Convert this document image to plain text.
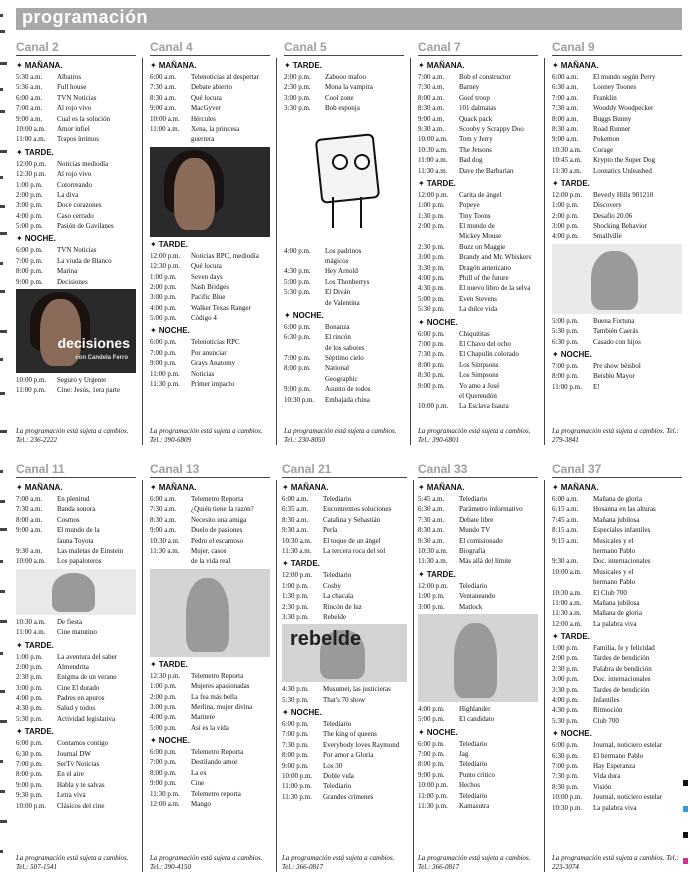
programación
Canal 2
✦ MAÑANA.
5:30 a.m.	Albatros
5:36 a.m.	Full house
6:00 a.m.	TVN Noticias
7:00 a.m.	Al rojo vivo
9:00 a.m.	Cual es la solución
10:00 a.m.	Amor infiel
11:00 a.m.	Trapos íntimos
✦ TARDE.
12:00 p.m.	Noticias mediodía
12:30 p.m.	Al rojo vivo
1:00 p.m.	Cotorreando
2:00 p.m.	La diva
3:00 p.m.	Doce corazones
4:00 p.m.	Caso cerrado
5:00 p.m.	Pasión de Gavilanes
✦ NOCHE.
6:00 p.m.	TVN Noticias
7:00 p.m.	La viuda de Blanco
8:00 p.m.	Marina
9:00 p.m.	Decisiones
decisiones
con Candela Ferro
10:00 p.m.	Seguro y Urgente
11:00 p.m.	Cine: Jesús, 1era parte
La programación está sujeta a cambios. Tel.: 236-2222
Canal 4
✦ MAÑANA.
6:00 a.m.	Telenoticias al despertar
7:30 a.m.	Debate abierto
8:30 a.m.	Qué locura
9:00 a.m.	MacGyver
10:00 a.m.	Hércules
11:00 a.m.	Xena, la princesa
guerrera
✦ TARDE.
12:00 p.m.	Noticias RPC, mediodía
12:30 p.m.	Qué locura
1:00 p.m.	Seven days
2:00 p.m.	Nash Bridges
3:00 p.m.	Pacific Blue
4:00 p.m.	Walker Texas Ranger
5:00 p.m.	Código 4
✦ NOCHE.
6:00 p.m.	Telenoticias RPC
7:00 p.m.	Por anunciar
9:00 p.m.	Grays Anatomy
11:00 p.m.	Noticias
11:30 p.m.	Primer impacto
La programación está sujeta a cambios. Tel.: 390-6809
Canal 5
✦ TARDE.
2:00 p.m.	Zabooo mafoo
2:30 p.m.	Mona la vampira
3:00 p.m.	Cool zone
3:30 p.m.	Bob esponja
4:00 p.m.	Los padrinos
mágicos
4:30 p.m.	Hey Arnold
5:00 p.m.	Los Thonberrys
5:30 p.m.	El Diván
de Valentina
✦ NOCHE.
6:00 p.m.	Bonanza
6:30 p.m.	El rincón
de los sabores
7:00 p.m.	Séptimo cielo
8:00 p.m.	National
Geographic
9:00 p.m.	Asunto de todos
10:30 p.m.	Embajada china
La programación está sujeta a cambios. Tel.: 230-8050
Canal 7
✦ MAÑANA.
7:00 a.m.	Bob el constructor
7:30 a.m.	Barney
8:00 a.m.	Goof troop
8:30 a.m.	101 dalmatas
9:00 a.m.	Quack pack
9:30 a.m.	Scooby y Scrappy Doo
10:00 a.m.	Tom y Jerry
10:30 a.m.	The Jetsons
11:00 a.m.	Bad dog
11:30 a.m.	Dave the Barbarian
✦ TARDE.
12:00 p.m.	Carita de ángel
1:00 p.m.	Popeye
1:30 p.m.	Tiny Toons
2:00 p.m.	El mundo de
Mickey Mouse
2:30 p.m.	Buzz on Maggie
3:00 p.m.	Brandy and Mr. Whiskers
3:30 p.m.	Dragón americano
4:00 p.m.	Phill of the future
4:30 p.m.	El nuevo libro de la selva
5:00 p.m.	Even Stevens
5:30 p.m.	La dulce vida
✦ NOCHE.
6:00 p.m.	Chiquititas
7:00 p.m.	El Chavo del ocho
7:30 p.m.	El Chapulín colorado
8:00 p.m.	Los Simpsons
8:30 p.m.	Los Simpsons
9:00 p.m.	Yo amo a José
el Querendón
10:00 p.m.	La Esclava Isaura
La programación está sujeta a cambios. Tel.: 390-6801
Canal 9
✦ MAÑANA.
6:00 a.m.	El mundo según Perry
6:30 a.m.	Looney Toones
7:00 a.m.	Franklin
7:30 a.m.	Wooddy Woodpecker
8:00 a.m.	Buggs Bunny
8:30 a.m.	Road Runner
9:00 a.m.	Pokemon
10:30 a.m.	Corage
10:45 a.m.	Krypto the Super Dog
11:30 a.m.	Loonatics Unleashed
✦ TARDE.
12:00 p.m.	Beverly Hills 901210
1:00 p.m.	Discovery
2:00 p.m.	Desafío 20.06
3:00 p.m.	Shocking Behavior
4:00 p.m.	Smallville
5:00 p.m.	Buena Fortuna
5:30 p.m.	También Caerás
6:30 p.m.	Casado con hijos
✦ NOCHE.
7:00 p.m.	Pre show béisbol
8:00 p.m.	Beisblo Mayor
11:00 p.m.	E!
La programación está sujeta a cambios. Tel.: 279-3841
Canal 11
✦ MAÑANA.
7:00 a.m.	En plenitud
7:30 a.m.	Banda sonora
8:00 a.m.	Cosmos
9:00 a.m.	El mundo de la
fauna Toyota
9:30 a.m.	Las maletas de Einstein
10:00 a.m.	Los papaloteros
10:30 a.m.	De fiesta
11:00 a.m.	Cine matutino
✦ TARDE.
1:00 p.m.	La aventura del saber
2:00 p.m.	Almendrita
2:30 p.m.	Enigma de un verano
3:00 p.m.	Cine El dorado
4:00 p.m.	Padres en apuros
4:30 p.m.	Salud y todos
5:30 p.m.	Actividad legislativa
✦ TARDE.
6:00 p.m.	Contamos contigo
6:30 p.m.	Journal DW
7:00 p.m.	SerTv Noticias
8:00 p.m.	En el aire
9:00 p.m.	Habla y te salvas
9:30 p.m.	Letra viva
10:00 p.m.	Clásicos del cine
La programación está sujeta a cambios. Tel.: 507-1541
Canal 13
✦ MAÑANA.
6:00 a.m.	Telemetro Reporta
7:30 a.m.	¿Quién tiene la razón?
8:30 a.m.	Necesito una amiga
9:00 a.m.	Duelo de pasiones
10:30 a.m.	Pedro el escamoso
11:30 a.m.	Mujer, casos
de la vida real
✦ TARDE.
12:30 p.m.	Telemetro Reporta
1:00 p.m.	Mujeres apasionadas
2:00 p.m.	La fea más bella
3:00 p.m.	Merlina, mujer divina
4:00 p.m.	Maritere
5:00 p.m.	Así es la vida
✦ NOCHE.
6:00 p.m.	Telemetro Reporta
7:00 p.m.	Destilando amor
8:00 p.m.	La ex
9:00 p.m.	Cine
11:30 p.m.	Telemetro reporta
12:00 a.m.	Mango
La programación está sujeta a cambios. Tel.: 390-4150
Canal 21
✦ MAÑANA.
6:00 a.m.	Telediario
6:35 a.m.	Encontremos soluciones
8:30 a.m.	Catalina y Sebastián
9:30 a.m.	Perla
10:30 a.m.	El toque de un ángel
11:30 a.m.	La tercera roca del sol
✦ TARDE.
12:00 p.m.	Telediario
1:00 p.m.	Cosby
1:30 p.m.	La chacala
2:30 p.m.	Rincón de luz
3:30 p.m.	Rebelde
rebelde
4:30 p.m.	Musumet, las justicieras
5:30 p.m.	That's 70 show
✦ NOCHE.
6:00 p.m.	Telediario
7:00 p.m.	The king of queens
7:30 p.m.	Everybody loves Raymond
8:00 p.m.	Por amor a Gloria
9:00 p.m.	Los 30
10:00 p.m.	Doble vida
11:00 p.m.	Telediario
11:30 p.m.	Grandes crímenes
La programación está sujeta a cambios. Tel.: 366-0817
Canal 33
✦ MAÑANA.
5:45 a.m.	Telediario
6:30 a.m.	Parámetro informativo
7:30 a.m.	Debate libre
8:30 a.m.	Mundo TV
9:30 a.m.	El comisionado
10:30 a.m.	Biografía
11:30 a.m.	Más allá del límite
✦ TARDE.
12:00 p.m.	Telediario
1:00 p.m.	Ventaneando
3:00 p.m.	Matlock
4:00 p.m.	Highlander
5:00 p.m.	El candidato
✦ NOCHE.
6:00 p.m.	Telediario
7:00 p.m.	Jag
8:00 p.m.	Telediario
9:00 p.m.	Punto crítico
10:00 p.m.	Hechos
11:00 p.m.	Telediario
11:30 p.m.	Kamasutra
La programación está sujeta a cambios. Tel.: 366-0817
Canal 37
✦ MAÑANA.
6:00 a.m.	Mañana de gloria
6:15 a.m.	Hosanna en las alturas
7:45 a.m.	Mañana jubilosa
8:15 a.m.	Especiales infantiles
9:15 a.m.	Musicales y el
hermano Pablo
9:30 a.m.	Doc. internacionales
10:00 a.m.	Musicales y el
hermano Pablo
10:30 a.m.	El Club 700
11:00 a.m.	Mañana jubilosa
11:30 a.m.	Mañana de gloria
12:00 a.m.	La palabra viva
✦ TARDE.
1:00 p.m.	Familia, fe y felicidad
2:00 p.m.	Tardes de bendición
2:30 p.m.	Palabra de bendición
3:00 p.m.	Doc. internacionales
3:30 p.m.	Tardes de bendición
4:00 p.m.	Infantiles
4:30 p.m.	Ritmoción
5:30 p.m.	Club 700
✦ NOCHE.
6:00 p.m.	Journal, noticiero estelar
6:30 p.m.	El hermano Pablo
7:00 p.m.	Hay Esperanza
7:30 p.m.	Vida dura
8:30 p.m.	Visión
10:00 p.m.	Journal, noticiero estelar
10:30 p.m.	La palabra viva
La programación está sujeta a cambios. Tel.: 223-3074
